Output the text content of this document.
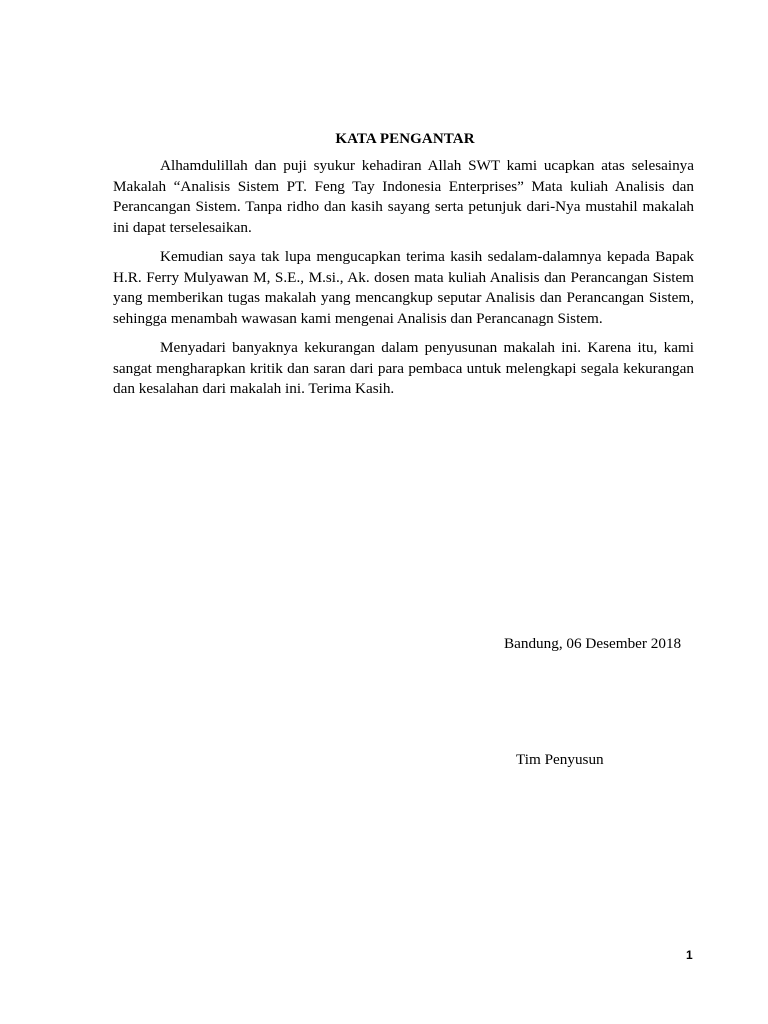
KATA PENGANTAR

Alhamdulillah dan puji syukur kehadiran Allah SWT kami ucapkan atas selesainya Makalah “Analisis Sistem PT. Feng Tay Indonesia Enterprises” Mata kuliah Analisis dan Perancangan Sistem. Tanpa ridho dan kasih sayang serta petunjuk dari-Nya mustahil makalah ini dapat terselesaikan.

Kemudian saya tak lupa mengucapkan terima kasih sedalam-dalamnya kepada Bapak H.R. Ferry Mulyawan M, S.E., M.si., Ak. dosen mata kuliah Analisis dan Perancangan Sistem yang memberikan tugas makalah yang mencangkup seputar Analisis dan Perancangan Sistem, sehingga menambah wawasan kami mengenai Analisis dan Perancanagn Sistem.

Menyadari banyaknya kekurangan dalam penyusunan makalah ini. Karena itu, kami sangat mengharapkan kritik dan saran dari para pembaca untuk melengkapi segala kekurangan dan kesalahan dari makalah ini. Terima Kasih.

Bandung, 06 Desember 2018
Tim Penyusun
1
